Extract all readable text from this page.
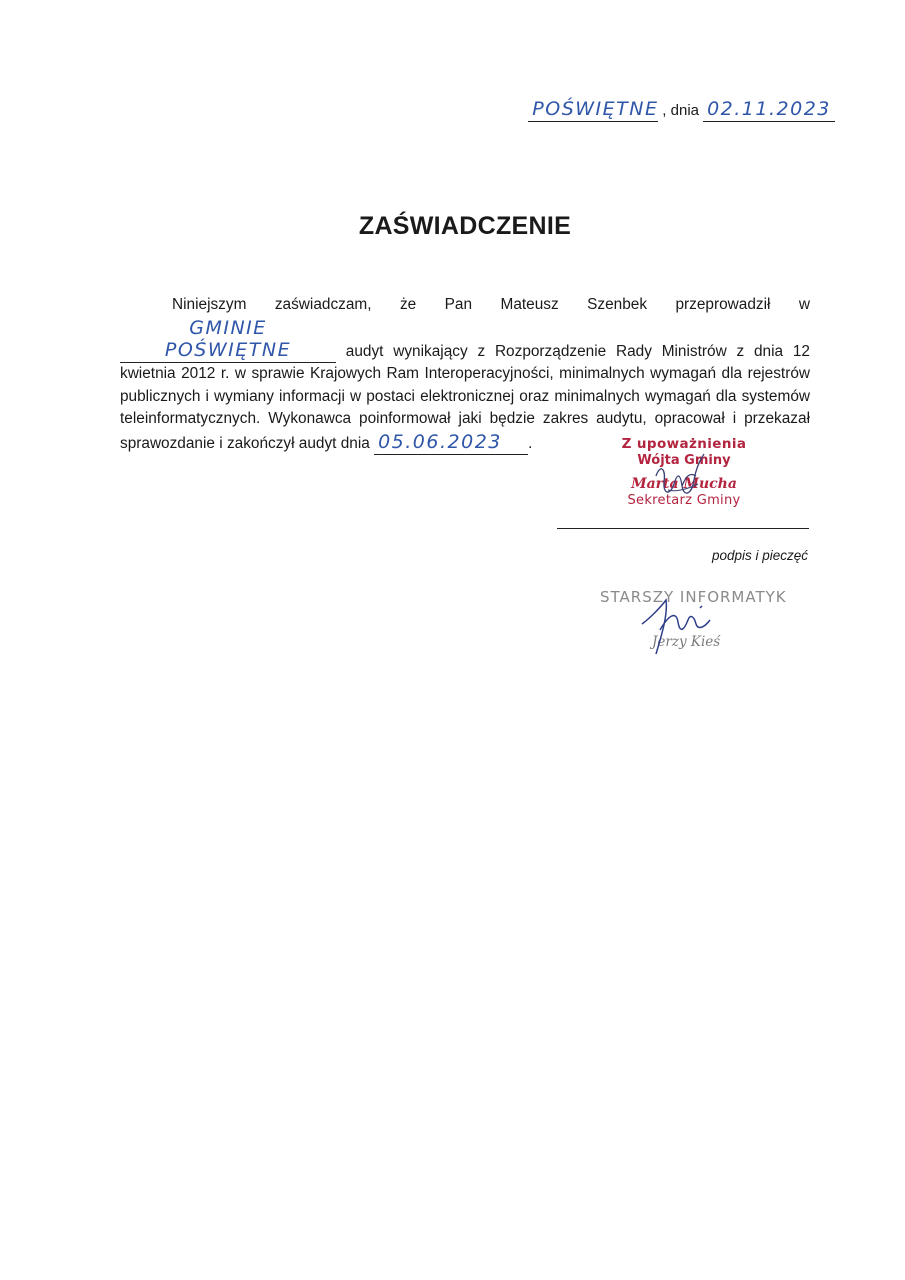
POŚWIĘTNE , dnia 02.11.2023
ZAŚWIADCZENIE

Niniejszym zaświadczam, że Pan Mateusz Szenbek przeprowadził w GMINIE POŚWIĘTNE	audyt wynikający z Rozporządzenie Rady Ministrów z dnia 12 kwietnia 2012 r. w sprawie Krajowych Ram Interoperacyjności, minimalnych wymagań dla rejestrów publicznych i wymiany informacji w postaci elektronicznej oraz minimalnych wymagań dla systemów teleinformatycznych. Wykonawca poinformował jaki będzie zakres audytu, opracował i przekazał sprawozdanie i zakończył audyt dnia 05.06.2023 .	Z upoważnienia
Wójta Gminy
Marta Mucha
Sekretarz Gminy
podpis i pieczęć
STARSZY INFORMATYK
Jerzy Kieś
